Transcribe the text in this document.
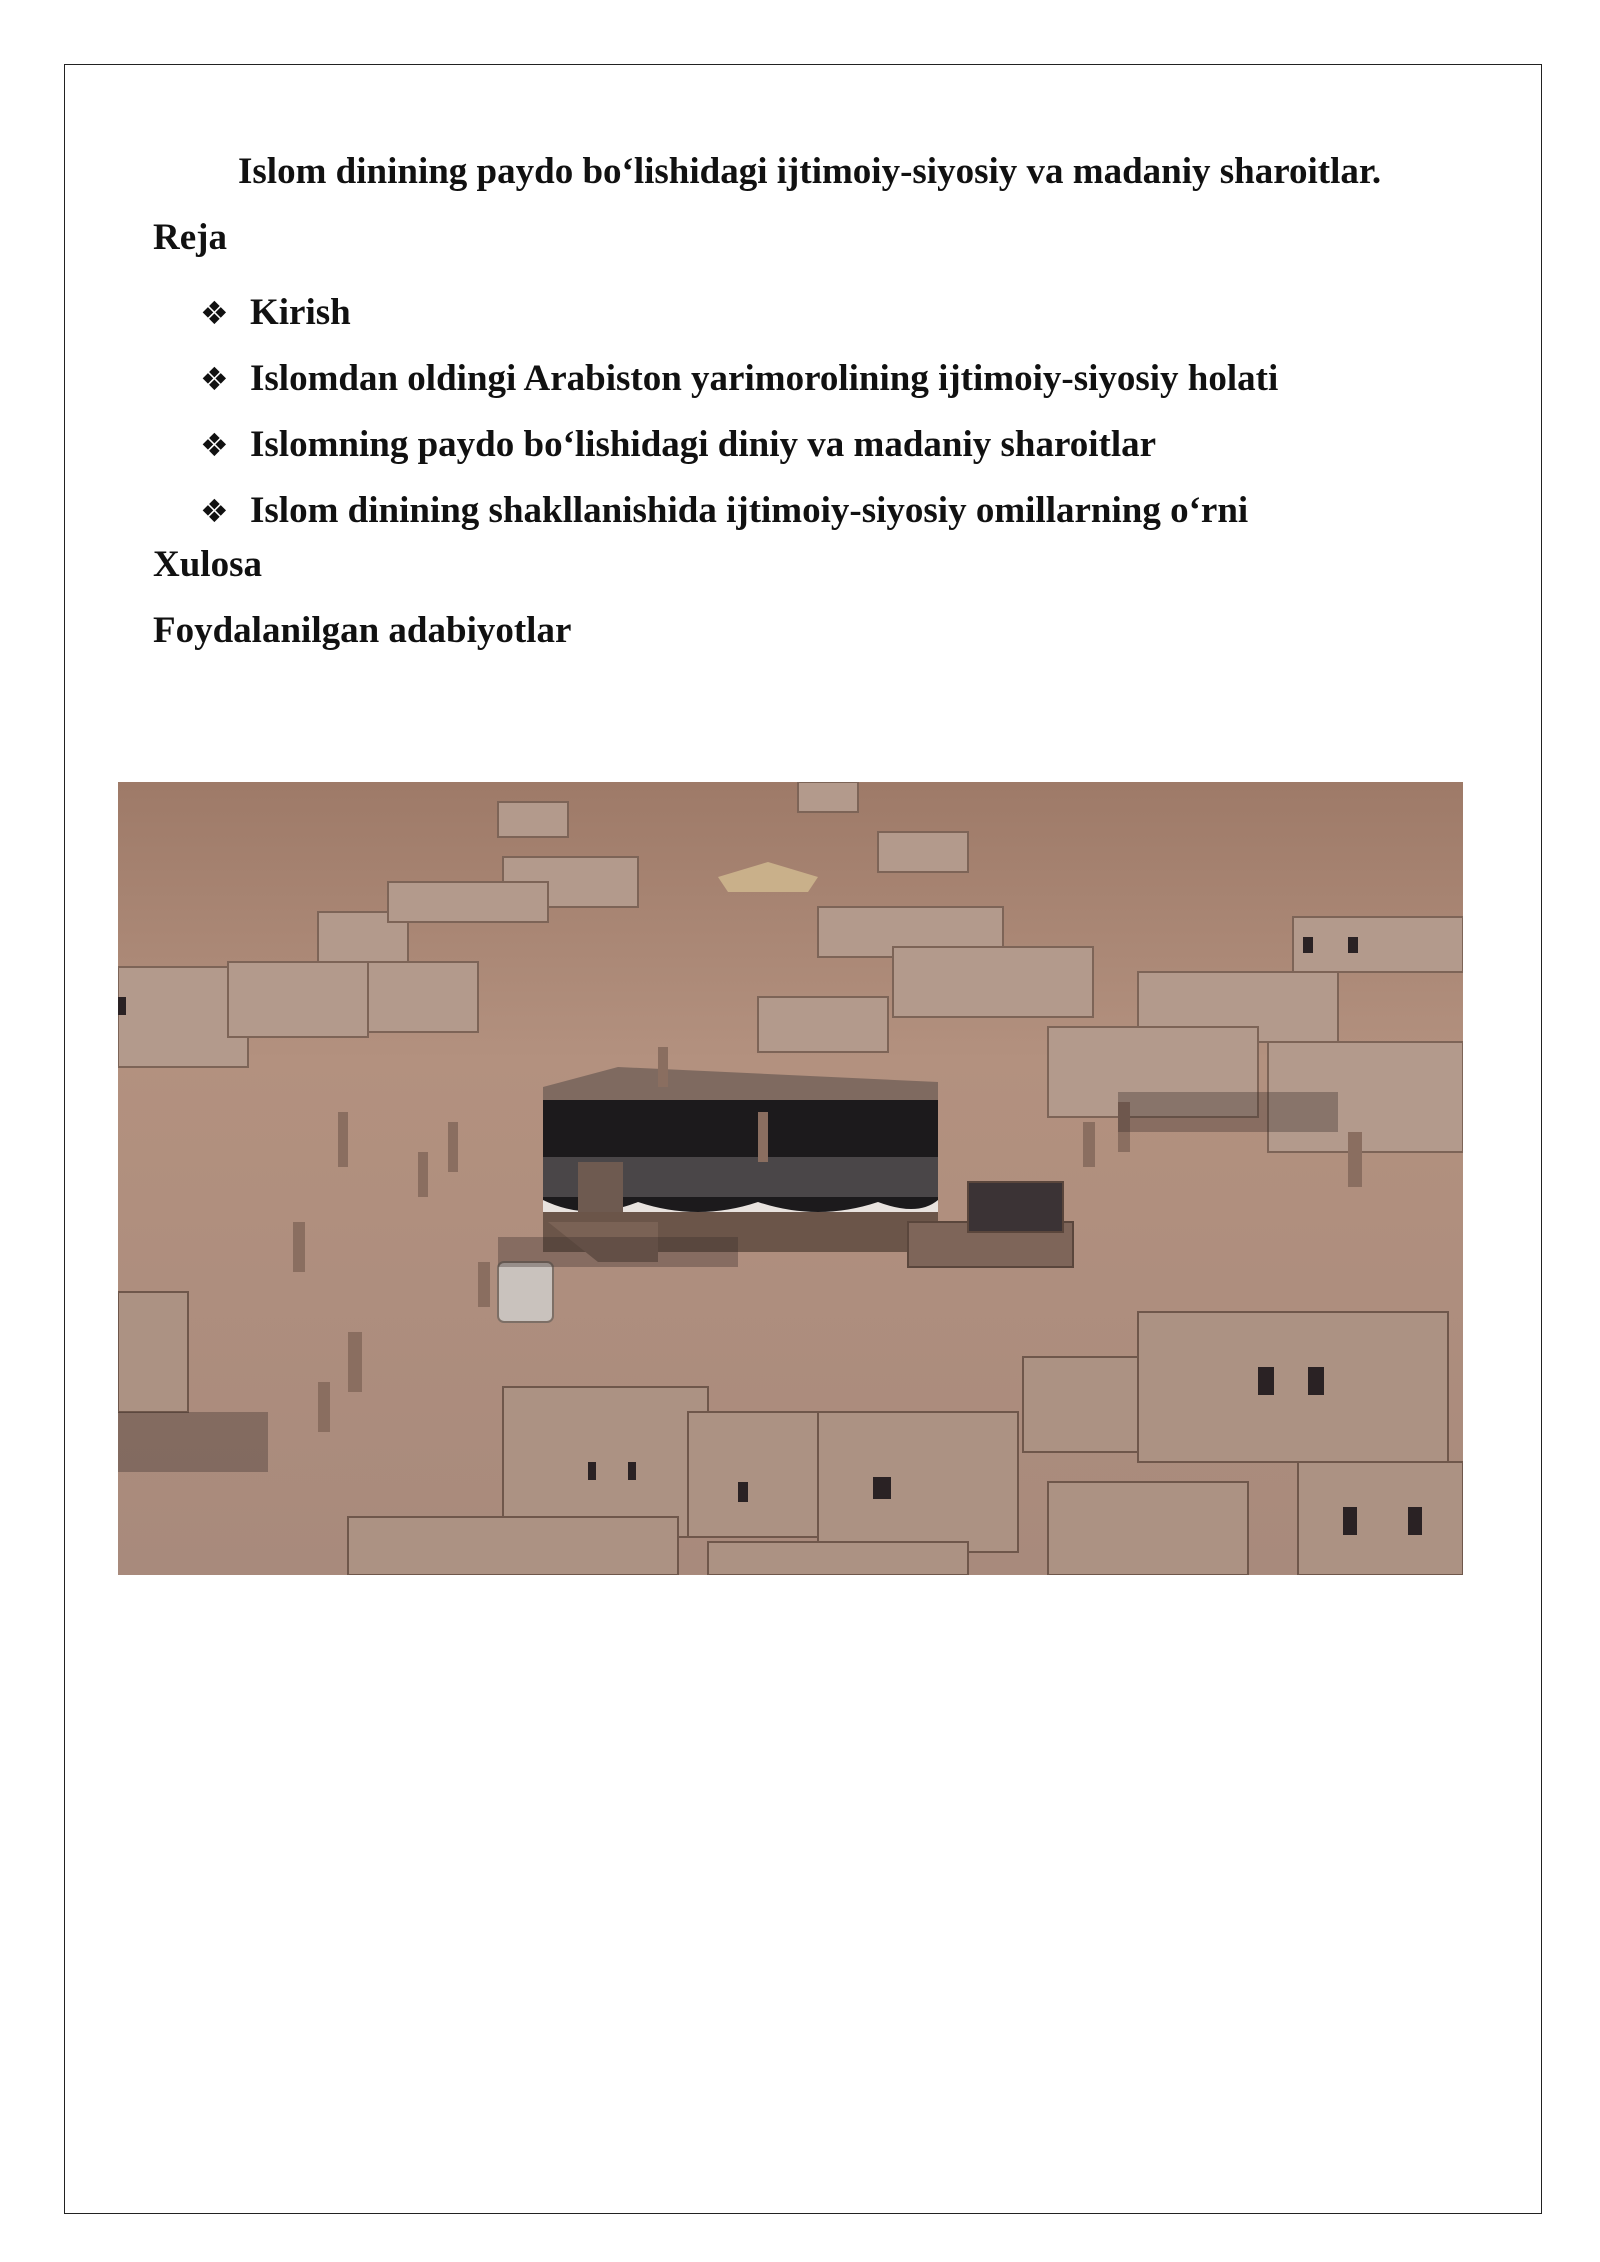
Islom dinining paydo bo‘lishidagi ijtimoiy-siyosiy va madaniy sharoitlar.
Reja
❖ Kirish
❖ Islomdan oldingi Arabiston yarimorolining ijtimoiy-siyosiy holati
❖ Islomning paydo bo‘lishidagi diniy va madaniy sharoitlar
❖ Islom dinining shakllanishida ijtimoiy-siyosiy omillarning o‘rni
Xulosa
Foydalanilgan adabiyotlar
